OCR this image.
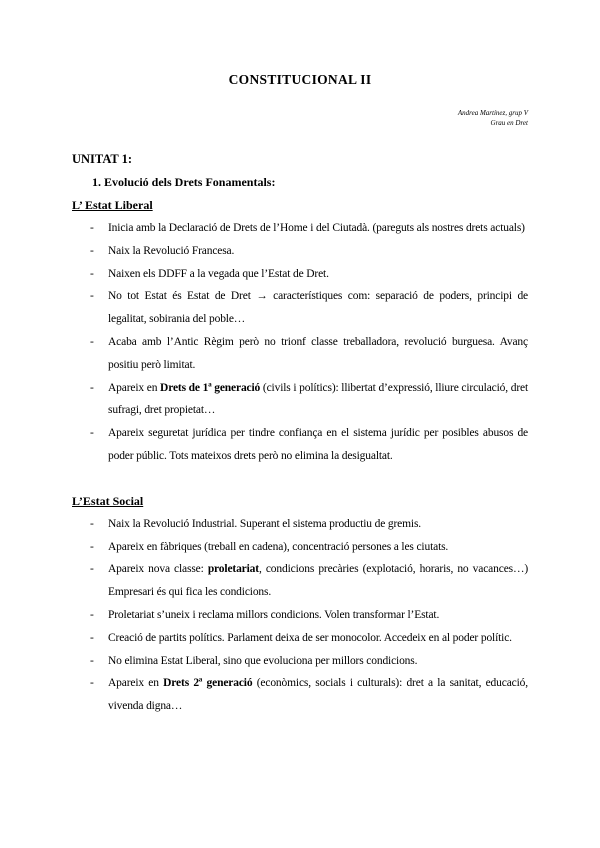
CONSTITUCIONAL II
Andrea Martínez, grup V
Grau en Dret
UNITAT 1:
1. Evolució dels Drets Fonamentals:
L’ Estat Liberal
- Inicia amb la Declaració de Drets de l’Home i del Ciutadà. (pareguts als nostres drets actuals)
- Naix la Revolució Francesa.
- Naixen els DDFF a la vegada que l’Estat de Dret.
- No tot Estat és Estat de Dret → característiques com: separació de poders, principi de legalitat, sobirania del poble…
- Acaba amb l’Antic Règim però no trionf classe treballadora, revolució burguesa. Avanç positiu però limitat.
- Apareix en Drets de 1ª generació (civils i polítics): llibertat d’expressió, lliure circulació, dret sufragi, dret propietat…
- Apareix seguretat jurídica per tindre confiança en el sistema jurídic per posibles abusos de poder públic. Tots mateixos drets però no elimina la desigualtat.
L’Estat Social
- Naix la Revolució Industrial. Superant el sistema productiu de gremis.
- Apareix en fàbriques (treball en cadena), concentració persones a les ciutats.
- Apareix nova classe: proletariat, condicions precàries (explotació, horaris, no vacances…) Empresari és qui fica les condicions.
- Proletariat s’uneix i reclama millors condicions. Volen transformar l’Estat.
- Creació de partits polítics. Parlament deixa de ser monocolor. Accedeix en al poder polític.
- No elimina Estat Liberal, sino que evoluciona per millors condicions.
- Apareix en Drets 2ª generació (econòmics, socials i culturals): dret a la sanitat, educació, vivenda digna…
